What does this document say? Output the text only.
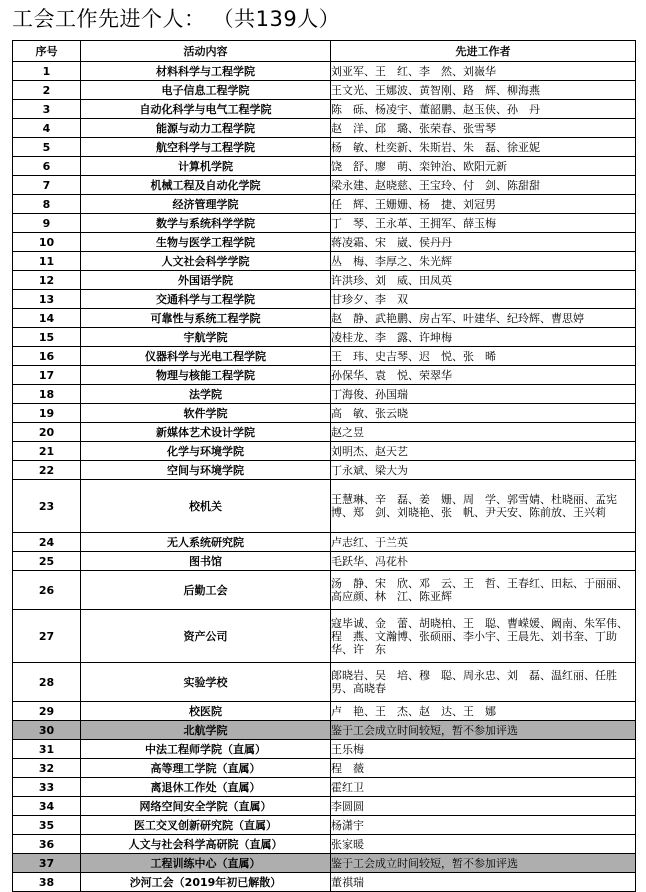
工会工作先进个人： （共139人）
序号	活动内容	先进工作者
1	材料科学与工程学院	刘亚军、王　红、李　然、刘嶶华
2	电子信息工程学院	王文光、王娜波、黄智刚、路　辉、柳海燕
3	自动化科学与电气工程学院	陈　砾、杨凌宇、董韶鹏、赵玉侠、孙　丹
4	能源与动力工程学院	赵　洋、邱　璐、张荣春、张雪琴
5	航空科学与工程学院	杨　敏、杜奕新、朱斯岩、朱　磊、徐亚妮
6	计算机学院	饶　舒、廖　萌、栾钟治、欧阳元新
7	机械工程及自动化学院	梁永建、赵晓慈、王宝玲、付　剑、陈甜甜
8	经济管理学院	任　辉、王姗姗、杨　捷、刘冠男
9	数学与系统科学学院	丁　琴、王永革、王拥军、薛玉梅
10	生物与医学工程学院	蒋凌霜、宋　崴、侯丹丹
11	人文社会科学学院	丛　梅、李厚之、朱光辉
12	外国语学院	许洪珍、刘　威、田凤英
13	交通科学与工程学院	甘珍夕、李　双
14	可靠性与系统工程学院	赵　静、武艳鹏、房占军、叶建华、纪玲辉、曹思婷
15	宇航学院	凌桂龙、李　露、许坤梅
16	仪器科学与光电工程学院	王　玮、史吉琴、迟　悦、张　晞
17	物理与核能工程学院	孙保华、袁　悦、荣翠华
18	法学院	丁海俊、孙国瑞
19	软件学院	高　敏、张云晓
20	新媒体艺术设计学院	赵之昱
21	化学与环境学院	刘明杰、赵天艺
22	空间与环境学院	丁永斌、梁大为
23	校机关	王慧琳、辛　磊、姜　姗、周　学、郭雪婧、杜晓丽、孟宪博、郑　剑、刘晓艳、张　帆、尹天安、陈前放、王兴莉
24	无人系统研究院	卢志红、于兰英
25	图书馆	毛跃华、冯花朴
26	后勤工会	汤　静、宋　欣、邓　云、王　哲、王春红、田耘、于丽丽、高应颜、林　江、陈亚辉
27	资产公司	寇毕诚、金　蕾、胡晓柏、王　聪、曹嵘媛、阚南、朱军伟、程　燕、文瀚博、张硕丽、李小宇、王晨先、刘书奎、丁助华、许　东
28	实验学校	郎晓岩、吴　培、穆　聪、周永忠、刘　磊、温红丽、任胜男、高晓春
29	校医院	卢　艳、王　杰、赵　达、王　娜
30	北航学院	鉴于工会成立时间较短，暂不参加评选
31	中法工程师学院（直属）	王乐梅
32	高等理工学院（直属）	程　薇
33	离退休工作处（直属）	霍红卫
34	网络空间安全学院（直属）	李圆圆
35	医工交叉创新研究院（直属）	杨潇宇
36	人文与社会科学高研院（直属）	张家暖
37	工程训练中心（直属）	鉴于工会成立时间较短，暂不参加评选
38	沙河工会（2019年初已解散）	董祺瑞
